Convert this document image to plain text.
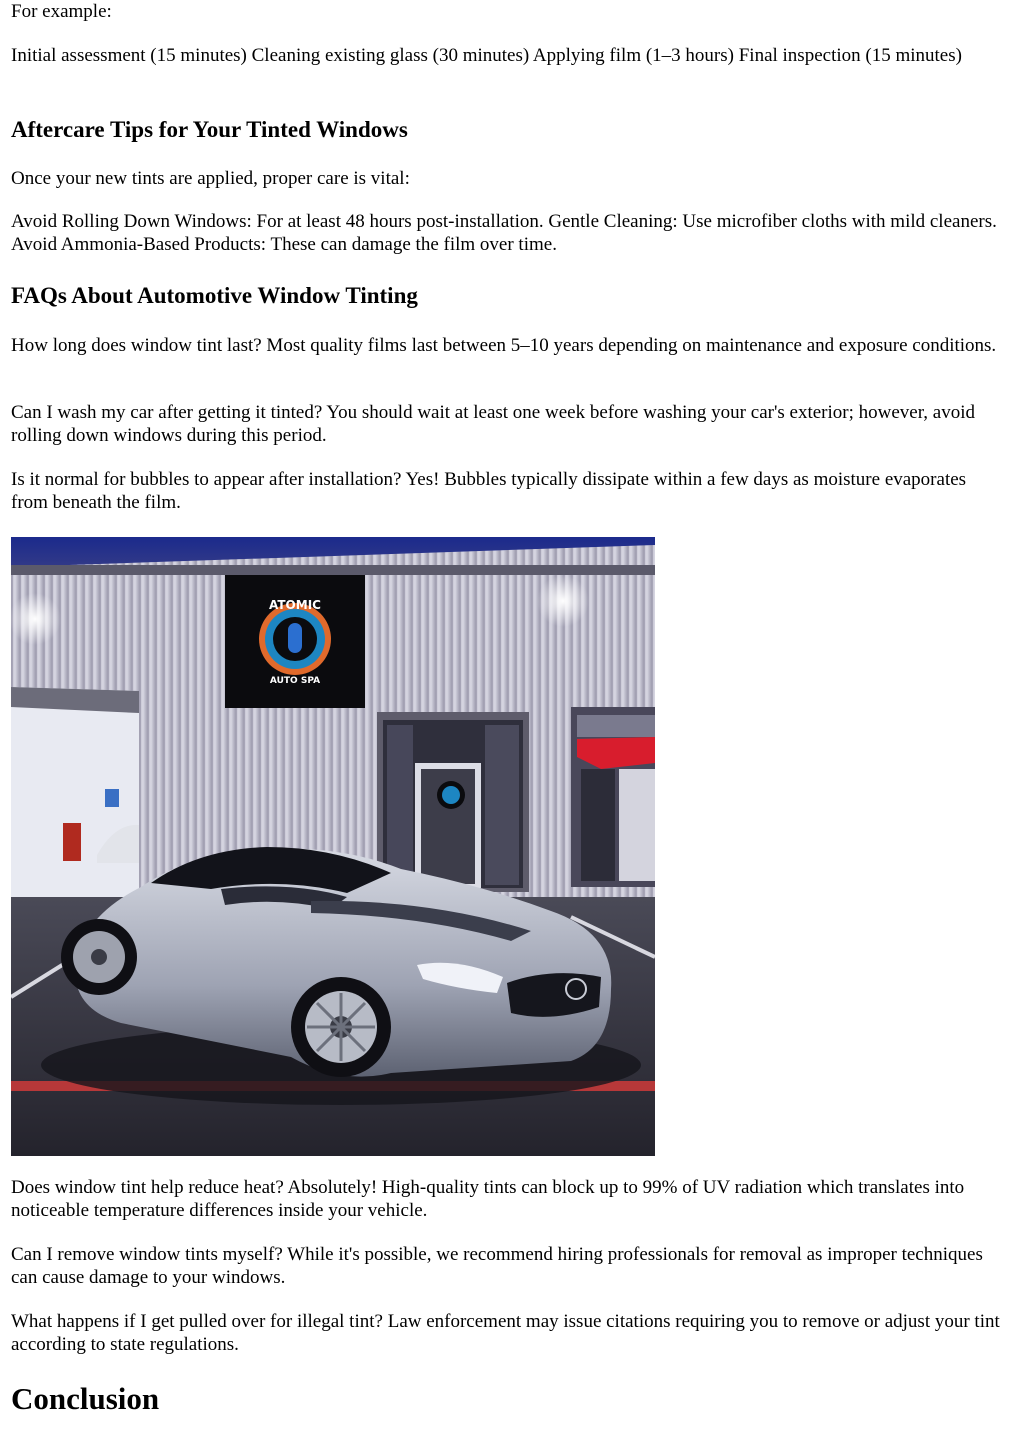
For example:

Initial assessment (15 minutes) Cleaning existing glass (30 minutes) Applying film (1–3 hours) Final inspection (15 minutes)

Aftercare Tips for Your Tinted Windows

Once your new tints are applied, proper care is vital:

Avoid Rolling Down Windows: For at least 48 hours post-installation. Gentle Cleaning: Use microfiber cloths with mild cleaners. Avoid Ammonia-Based Products: These can damage the film over time.

FAQs About Automotive Window Tinting

How long does window tint last? Most quality films last between 5–10 years depending on maintenance and exposure conditions.

Can I wash my car after getting it tinted? You should wait at least one week before washing your car's exterior; however, avoid rolling down windows during this period.

Is it normal for bubbles to appear after installation? Yes! Bubbles typically dissipate within a few days as moisture evaporates from beneath the film.

ATOMIC
AUTO SPA

Does window tint help reduce heat? Absolutely! High-quality tints can block up to 99% of UV radiation which translates into noticeable temperature differences inside your vehicle.

Can I remove window tints myself? While it's possible, we recommend hiring professionals for removal as improper techniques can cause damage to your windows.

What happens if I get pulled over for illegal tint? Law enforcement may issue citations requiring you to remove or adjust your tint according to state regulations.

Conclusion
